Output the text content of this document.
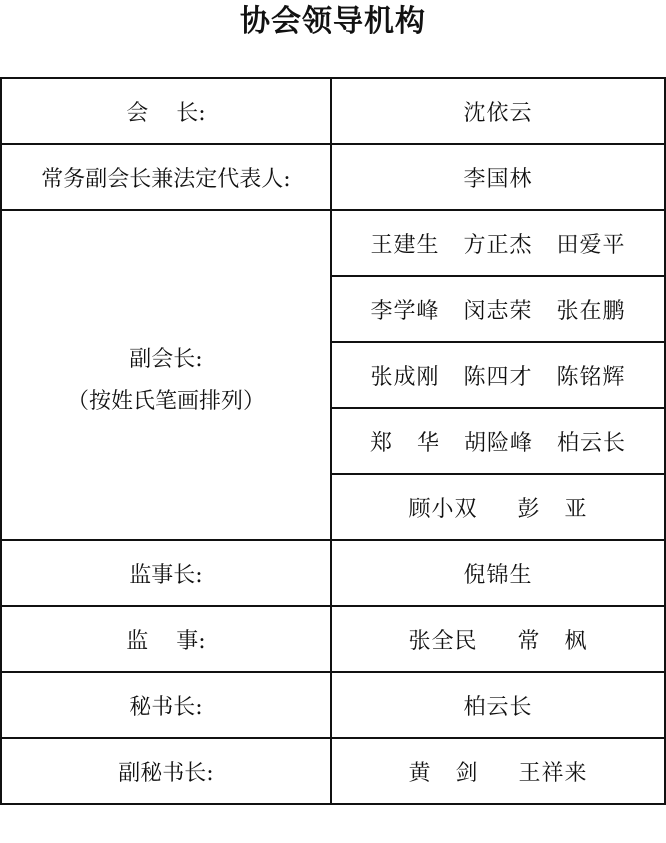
协会领导机构
会    长:	沈依云
常务副会长兼法定代表人:	李国林
副会长:
（按姓氏笔画排列）	王建生   方正杰   田爱平
	李学峰   闵志荣   张在鹏
	张成刚   陈四才   陈铭辉
	郑   华   胡险峰   柏云长
	顾小双     彭   亚
监事长:	倪锦生
监    事:	张全民     常   枫
秘书长:	柏云长
副秘书长:	黄   剑     王祥来
